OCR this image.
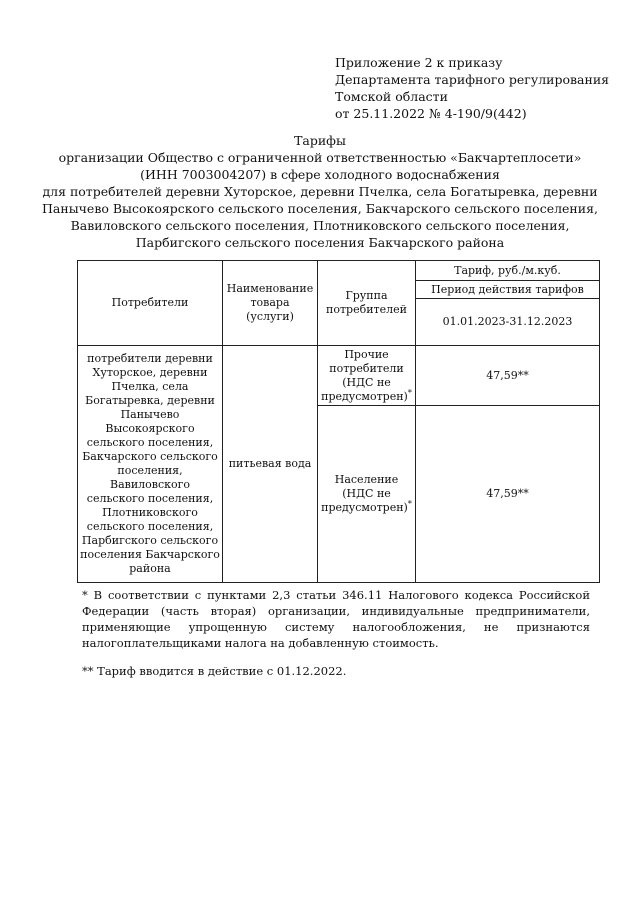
Приложение 2 к приказу
Департамента тарифного регулирования
Томской области
от 25.11.2022 № 4-190/9(442)
Тарифы
организации Общество с ограниченной ответственностью «Бакчартеплосети»
(ИНН 7003004207) в сфере холодного водоснабжения
для потребителей деревни Хуторское, деревни Пчелка, села Богатыревка, деревни
Панычево Высокоярского сельского поселения, Бакчарского сельского поселения,
Вавиловского сельского поселения, Плотниковского сельского поселения,
Парбигского сельского поселения Бакчарского района
Потребители	Наименование товара (услуги)	Группа потребителей	Тариф, руб./м.куб.
			Период действия тарифов
			01.01.2023-31.12.2023
потребители деревни Хуторское, деревни Пчелка, села Богатыревка, деревни Панычево Высокоярского сельского поселения, Бакчарского сельского поселения, Вавиловского сельского поселения, Плотниковского сельского поселения, Парбигского сельского поселения Бакчарского района	питьевая вода	Прочие потребители (НДС не предусмотрен)*	47,59**
		Население (НДС не предусмотрен)*	47,59**

* В соответствии с пунктами 2,3 статьи 346.11 Налогового кодекса Российской Федерации (часть вторая) организации, индивидуальные предприниматели, применяющие упрощенную систему налогообложения, не признаются налогоплательщиками налога на добавленную стоимость.

** Тариф вводится в действие с 01.12.2022.
